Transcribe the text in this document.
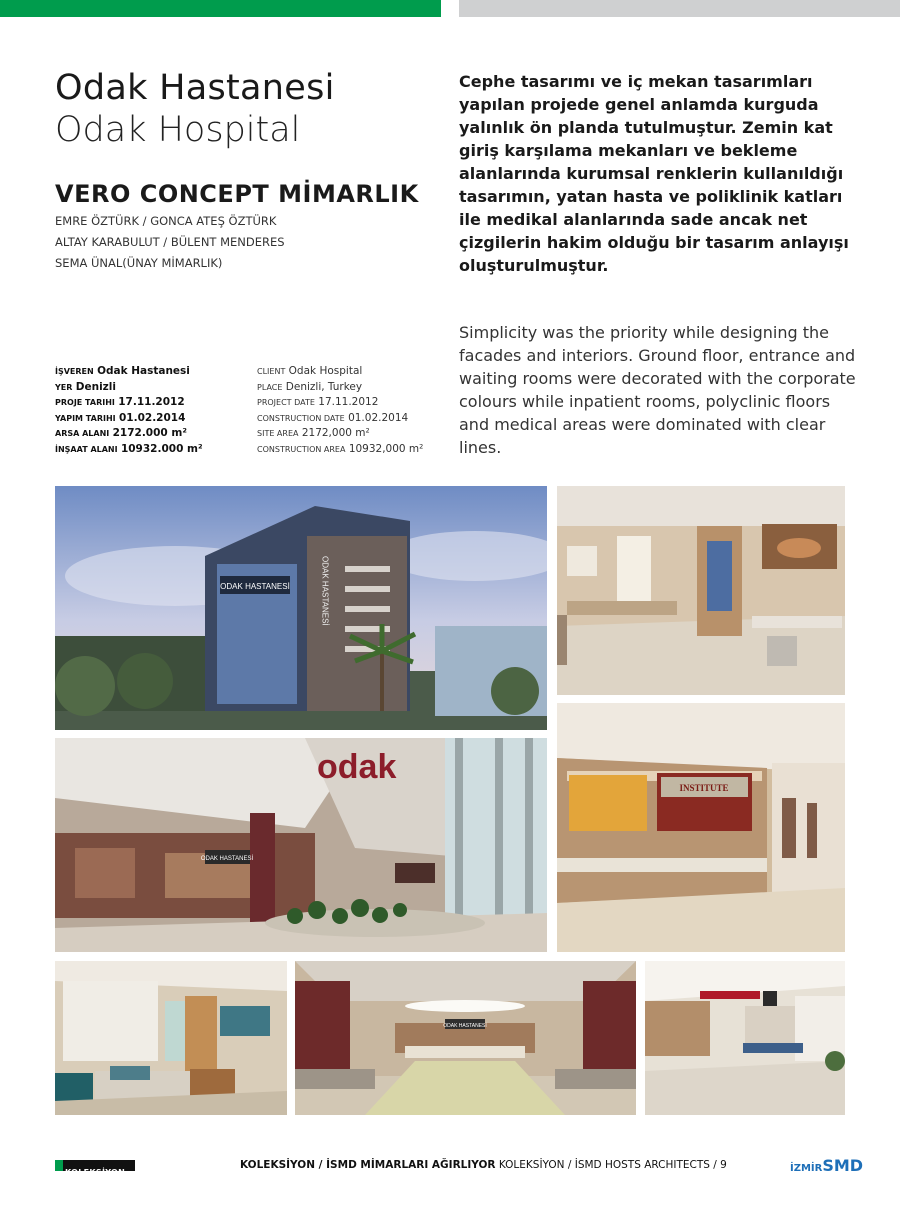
Odak Hastanesi
Odak Hospital
VERO CONCEPT MİMARLIK
EMRE ÖZTÜRK / GONCA ATEŞ ÖZTÜRK
ALTAY KARABULUT / BÜLENT MENDERES
SEMA ÜNAL(ÜNAY MİMARLIK)
Cephe tasarımı ve iç mekan tasarımları yapılan projede genel anlamda kurguda yalınlık ön planda tutulmuştur. Zemin kat giriş karşılama mekanları ve bekleme alanlarında kurumsal renklerin kullanıldığı tasarımın, yatan hasta ve poliklinik katları ile medikal alanlarında sade ancak net çizgilerin hakim olduğu bir tasarım anlayışı oluşturulmuştur.
Simplicity was the priority while designing the facades and interiors. Ground floor, entrance and waiting rooms were decorated with the corporate colours while inpatient rooms, polyclinic floors and medical areas were dominated with clear lines.
İŞVEREN Odak Hastanesi
YER Denizli
PROJE TARIHI 17.11.2012
YAPIM TARIHI 01.02.2014
ARSA ALANI 2172.000 m²
İNŞAAT ALANI 10932.000 m²
CLIENT Odak Hospital
PLACE Denizli, Turkey
PROJECT DATE 17.11.2012
CONSTRUCTION DATE 01.02.2014
SITE AREA 2172,000 m²
CONSTRUCTION AREA 10932,000 m²
ODAK HASTANESİ	ODAK HASTANESİ
ODAK HASTANESİ
odak
INSTITUTE
ODAK HASTANESİ
KOLEKSİYON
KOLEKSİYON / İSMD MİMARLARI AĞIRLIYOR KOLEKSİYON / İSMD HOSTS ARCHITECTS / 9	İZMİRSMD
